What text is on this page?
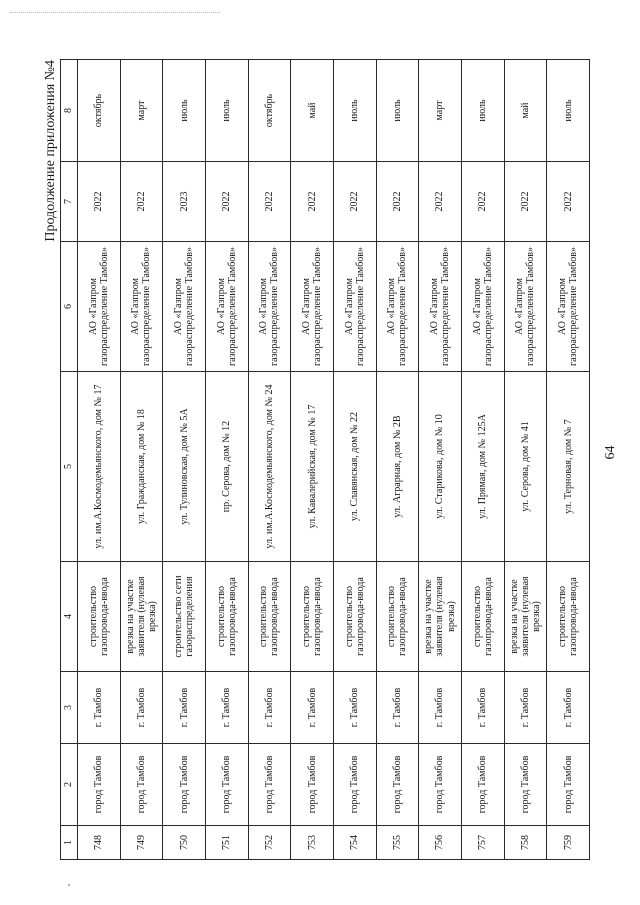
64
Продолжение приложения №4
1	2	3	4	5	6	7	8
748	город Тамбов	г. Тамбов	строительство газопровода-ввода	ул. им.А.Космодемьянского, дом № 17	АО «Газпром газораспределение Тамбов»	2022	октябрь
749	город Тамбов	г. Тамбов	врезка на участке заявителя (нулевая врезка)	ул. Гражданская, дом № 18	АО «Газпром газораспределение Тамбов»	2022	март
750	город Тамбов	г. Тамбов	строительство сети газораспределения	ул. Тулиновская, дом № 5А	АО «Газпром газораспределение Тамбов»	2023	июль
751	город Тамбов	г. Тамбов	строительство газопровода-ввода	пр. Серова, дом № 12	АО «Газпром газораспределение Тамбов»	2022	июль
752	город Тамбов	г. Тамбов	строительство газопровода-ввода	ул. им.А.Космодемьянского, дом № 24	АО «Газпром газораспределение Тамбов»	2022	октябрь
753	город Тамбов	г. Тамбов	строительство газопровода-ввода	ул. Кавалерийская, дом № 17	АО «Газпром газораспределение Тамбов»	2022	май
754	город Тамбов	г. Тамбов	строительство газопровода-ввода	ул. Славянская, дом № 22	АО «Газпром газораспределение Тамбов»	2022	июль
755	город Тамбов	г. Тамбов	строительство газопровода-ввода	ул. Аграрная, дом № 2В	АО «Газпром газораспределение Тамбов»	2022	июль
756	город Тамбов	г. Тамбов	врезка на участке заявителя (нулевая врезка)	ул. Старикова, дом № 10	АО «Газпром газораспределение Тамбов»	2022	март
757	город Тамбов	г. Тамбов	строительство газопровода-ввода	ул. Прямая, дом № 125А	АО «Газпром газораспределение Тамбов»	2022	июль
758	город Тамбов	г. Тамбов	врезка на участке заявителя (нулевая врезка)	ул. Серова, дом № 41	АО «Газпром газораспределение Тамбов»	2022	май
759	город Тамбов	г. Тамбов	строительство газопровода-ввода	ул. Терновая, дом № 7	АО «Газпром газораспределение Тамбов»	2022	июль
